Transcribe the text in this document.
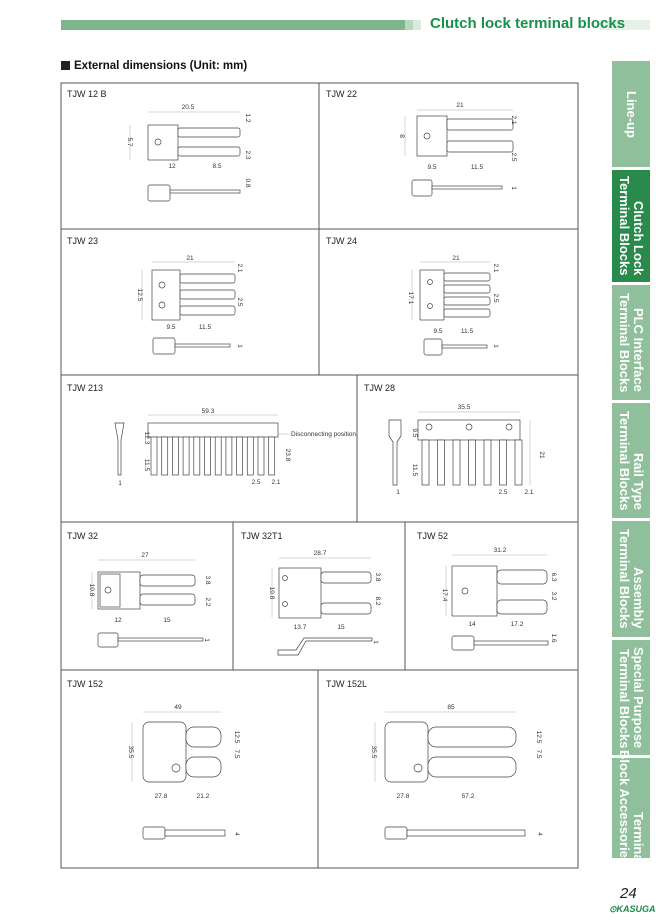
Clutch lock terminal blocks
External dimensions (Unit: mm)
Line-up
Clutch Lock
Terminal Blocks
PLC Interface
Terminal Blocks
Rail Type
Terminal Blocks
Assembly
Terminal Blocks
Special Purpose
Terminal Blocks
Terminal
Block Accessories
TJW 12 B	TJW 22
TJW 23	TJW 24
TJW 213	TJW 28
TJW 32	TJW 32T1	TJW 52
TJW 152	TJW 152L
20.5
5.7
1.2
2.3
12	8.5
0.8
21
8
2.1
2.5
9.5	11.5
1
21
12.5
2.1
2.5
9.5	11.5
1
21
17.1
2.1
2.5
9.5	11.5
1
59.3
Disconnecting position
12.3
11.5
23.8
2.5 2.1
1
35.5
9.5
11.5
21
2.5	2.1
1
27
10.8
3.8
2.2
12	15
1
28.7
10.8
3.8
8.2
13.7	15
1
31.2
17.4
6.3
3.2
14	17.2
1.6
49
35.5
12.5
7.5
27.8	21.2
4
85
35.5
12.5
7.5
27.8	57.2
4
24
⊙KASUGA
